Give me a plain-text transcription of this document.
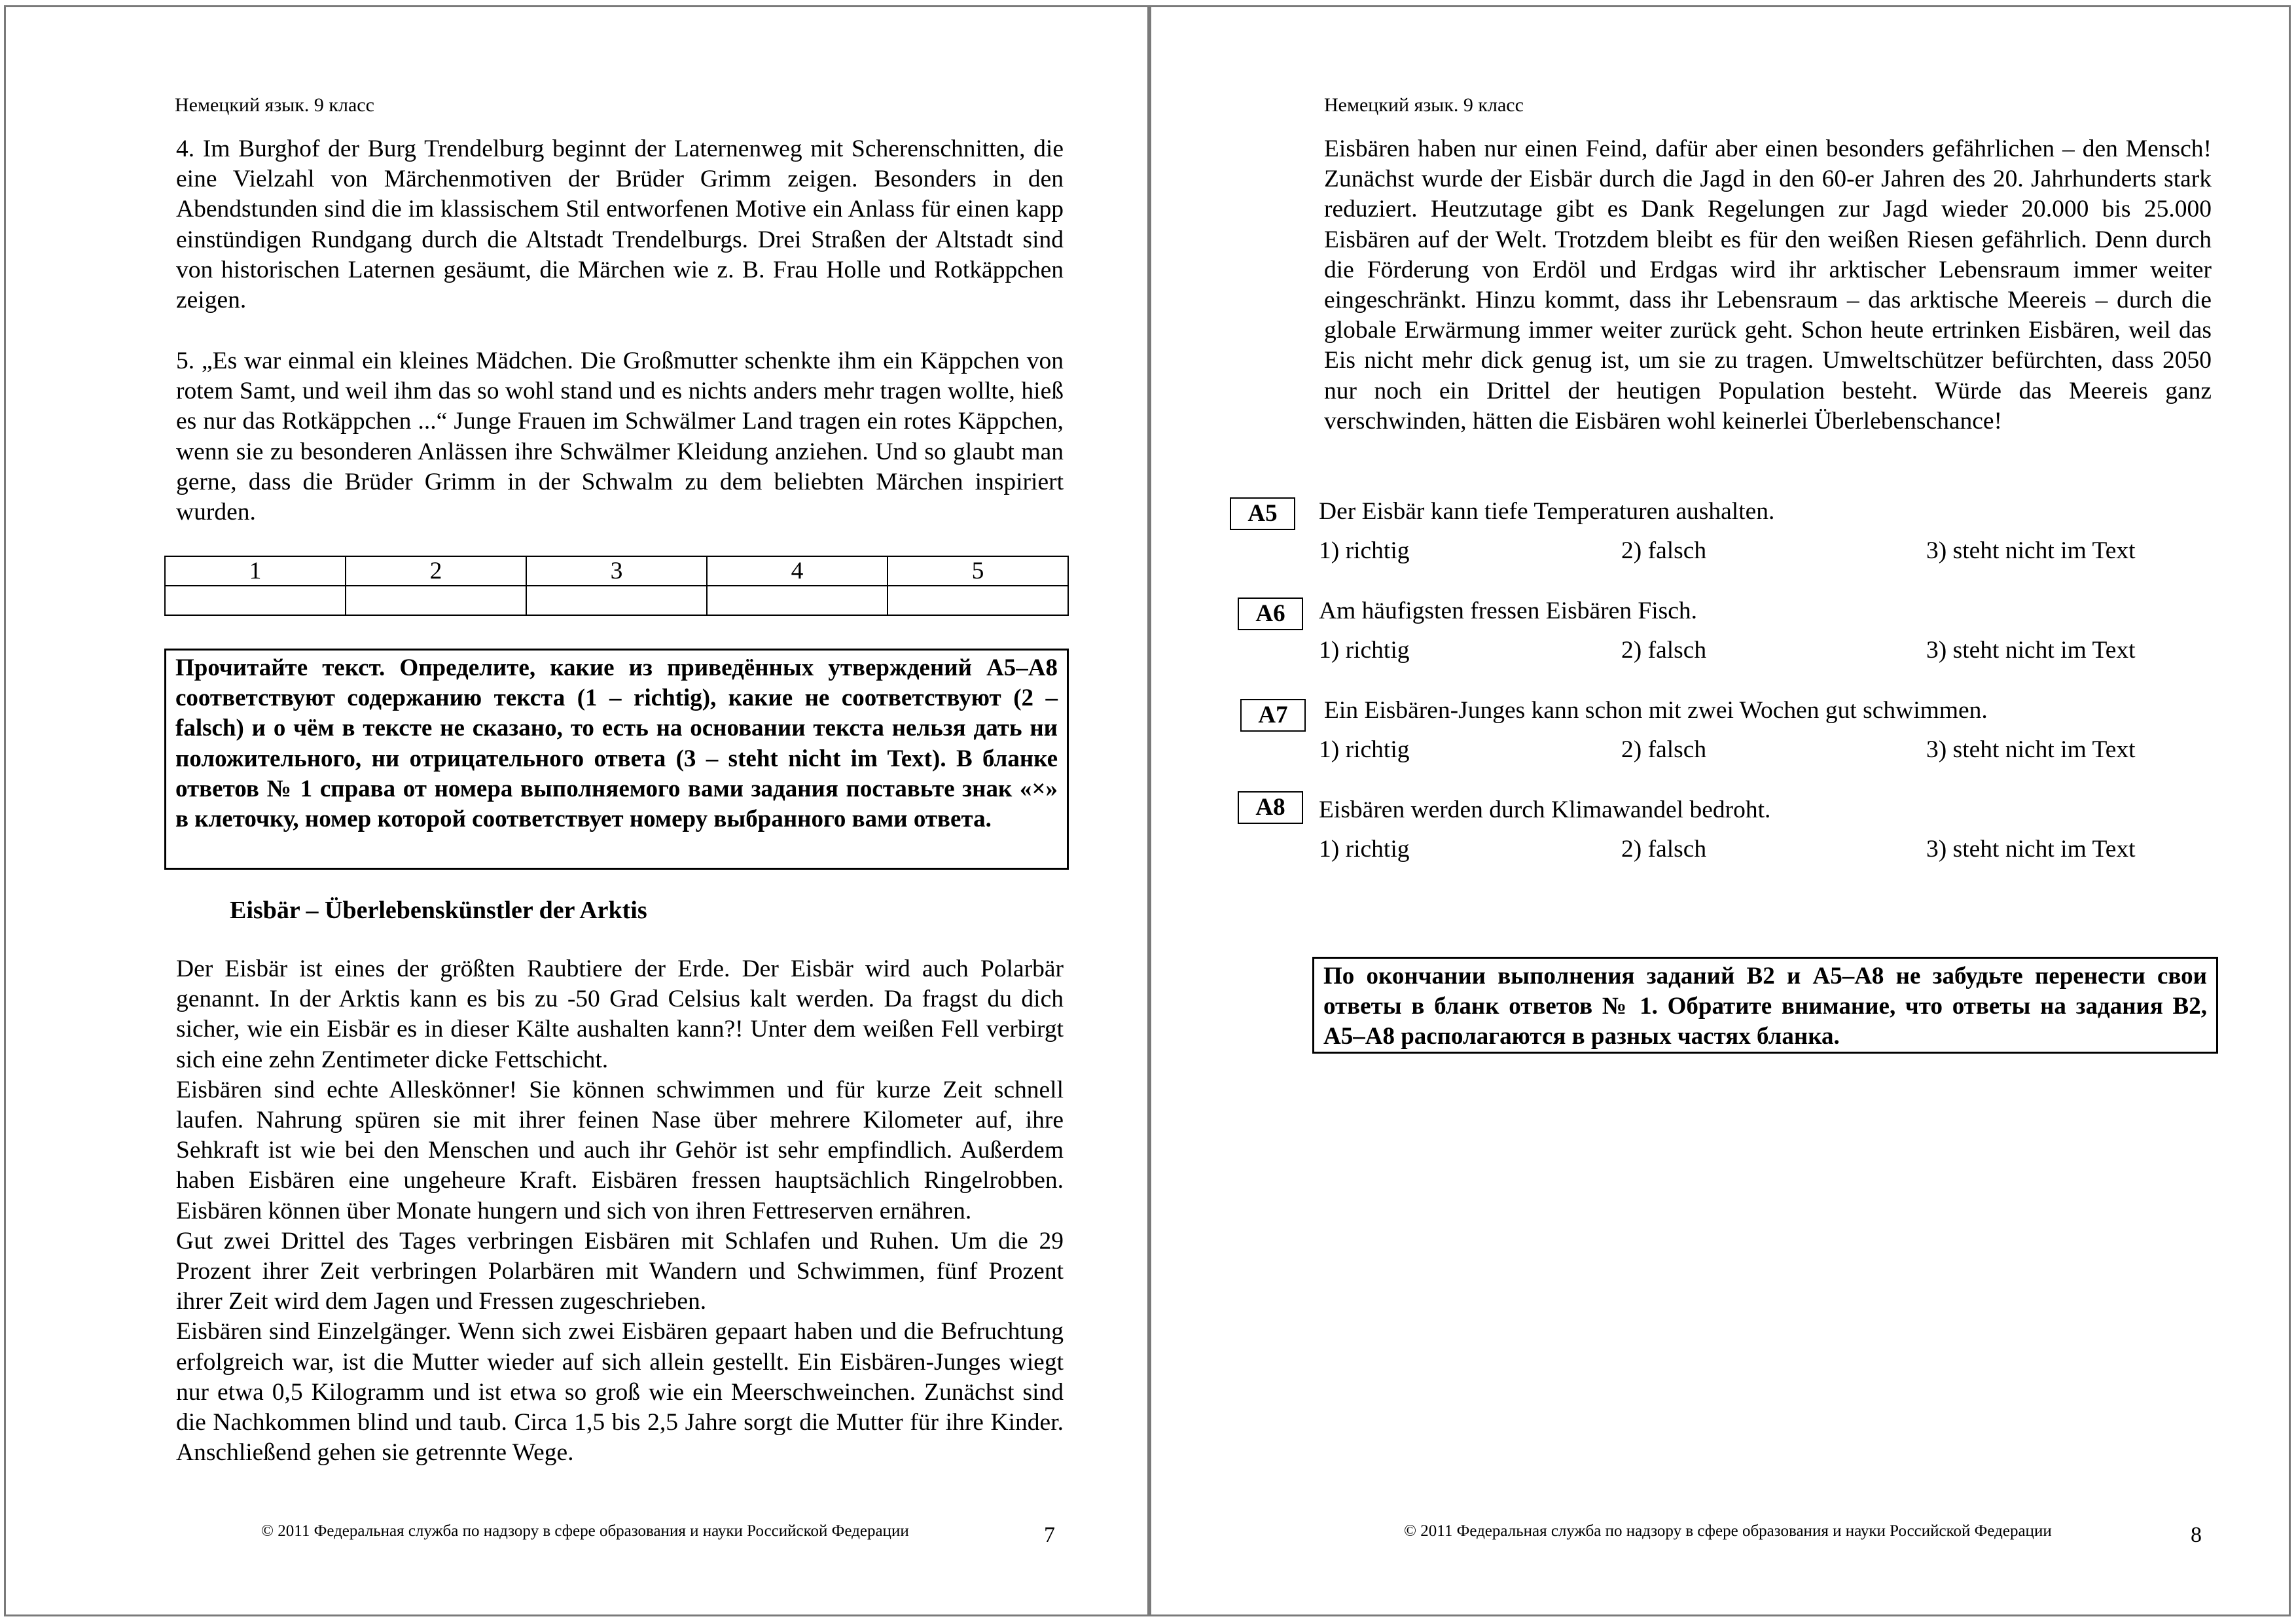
Немецкий язык. 9 класс

4. Im Burghof der Burg Trendelburg beginnt der Laternenweg mit Scherenschnitten, die eine Vielzahl von Märchenmotiven der Brüder Grimm zeigen. Besonders in den Abendstunden sind die im klassischem Stil entworfenen Motive ein Anlass für einen kapp einstündigen Rundgang durch die Altstadt Trendelburgs. Drei Straßen der Altstadt sind von historischen Laternen gesäumt, die Märchen wie z. B. Frau Holle und Rotkäppchen zeigen.

5. „Es war einmal ein kleines Mädchen. Die Großmutter schenkte ihm ein Käppchen von rotem Samt, und weil ihm das so wohl stand und es nichts anders mehr tragen wollte, hieß es nur das Rotkäppchen ...“ Junge Frauen im Schwälmer Land tragen ein rotes Käppchen, wenn sie zu besonderen Anlässen ihre Schwälmer Kleidung anziehen. Und so glaubt man gerne, dass die Brüder Grimm in der Schwalm zu dem beliebten Märchen inspiriert wurden.

1	2	3	4	5

Прочитайте текст. Определите, какие из приведённых утверждений А5–А8 соответствуют содержанию текста (1 – richtig), какие не соответствуют (2 – falsch) и о чём в тексте не сказано, то есть на основании текста нельзя дать ни положительного, ни отрицательного ответа (3 – steht nicht im Text). В бланке ответов № 1 справа от номера выполняемого вами задания поставьте знак «×» в клеточку, номер которой соответствует номеру выбранного вами ответа.

Eisbär – Überlebenskünstler der Arktis

Der Eisbär ist eines der größten Raubtiere der Erde. Der Eisbär wird auch Polarbär genannt. In der Arktis kann es bis zu -50 Grad Celsius kalt werden. Da fragst du dich sicher, wie ein Eisbär es in dieser Kälte aushalten kann?! Unter dem weißen Fell verbirgt sich eine zehn Zentimeter dicke Fettschicht.

Eisbären sind echte Alleskönner! Sie können schwimmen und für kurze Zeit schnell laufen. Nahrung spüren sie mit ihrer feinen Nase über mehrere Kilometer auf, ihre Sehkraft ist wie bei den Menschen und auch ihr Gehör ist sehr empfindlich. Außerdem haben Eisbären eine ungeheure Kraft. Eisbären fressen hauptsächlich Ringelrobben. Eisbären können über Monate hungern und sich von ihren Fettreserven ernähren.

Gut zwei Drittel des Tages verbringen Eisbären mit Schlafen und Ruhen. Um die 29 Prozent ihrer Zeit verbringen Polarbären mit Wandern und Schwimmen, fünf Prozent ihrer Zeit wird dem Jagen und Fressen zugeschrieben.

Eisbären sind Einzelgänger. Wenn sich zwei Eisbären gepaart haben und die Befruchtung erfolgreich war, ist die Mutter wieder auf sich allein gestellt. Ein Eisbären-Junges wiegt nur etwa 0,5 Kilogramm und ist etwa so groß wie ein Meerschweinchen. Zunächst sind die Nachkommen blind und taub. Circa 1,5 bis 2,5 Jahre sorgt die Mutter für ihre Kinder. Anschließend gehen sie getrennte Wege.

© 2011 Федеральная служба по надзору в сфере образования и науки Российской Федерации	7
Немецкий язык. 9 класс

Eisbären haben nur einen Feind, dafür aber einen besonders gefährlichen – den Mensch! Zunächst wurde der Eisbär durch die Jagd in den 60-er Jahren des 20. Jahrhunderts stark reduziert. Heutzutage gibt es Dank Regelungen zur Jagd wieder 20.000 bis 25.000 Eisbären auf der Welt. Trotzdem bleibt es für den weißen Riesen gefährlich. Denn durch die Förderung von Erdöl und Erdgas wird ihr arktischer Lebensraum immer weiter eingeschränkt. Hinzu kommt, dass ihr Lebensraum – das arktische Meereis – durch die globale Erwärmung immer weiter zurück geht. Schon heute ertrinken Eisbären, weil das Eis nicht mehr dick genug ist, um sie zu tragen. Umweltschützer befürchten, dass 2050 nur noch ein Drittel der heutigen Population besteht. Würde das Meereis ganz verschwinden, hätten die Eisbären wohl keinerlei Überlebenschance!

A5	Der Eisbär kann tiefe Temperaturen aushalten.
1) richtig	2) falsch	3) steht nicht im Text
A6	Am häufigsten fressen Eisbären Fisch.
1) richtig	2) falsch	3) steht nicht im Text
A7	Ein Eisbären-Junges kann schon mit zwei Wochen gut schwimmen.
1) richtig	2) falsch	3) steht nicht im Text
A8	Eisbären werden durch Klimawandel bedroht.
1) richtig	2) falsch	3) steht nicht im Text

По окончании выполнения заданий В2 и А5–А8 не забудьте перенести свои ответы в бланк ответов № 1. Обратите внимание, что ответы на задания В2, А5–А8 располагаются в разных частях бланка.

© 2011 Федеральная служба по надзору в сфере образования и науки Российской Федерации	8
